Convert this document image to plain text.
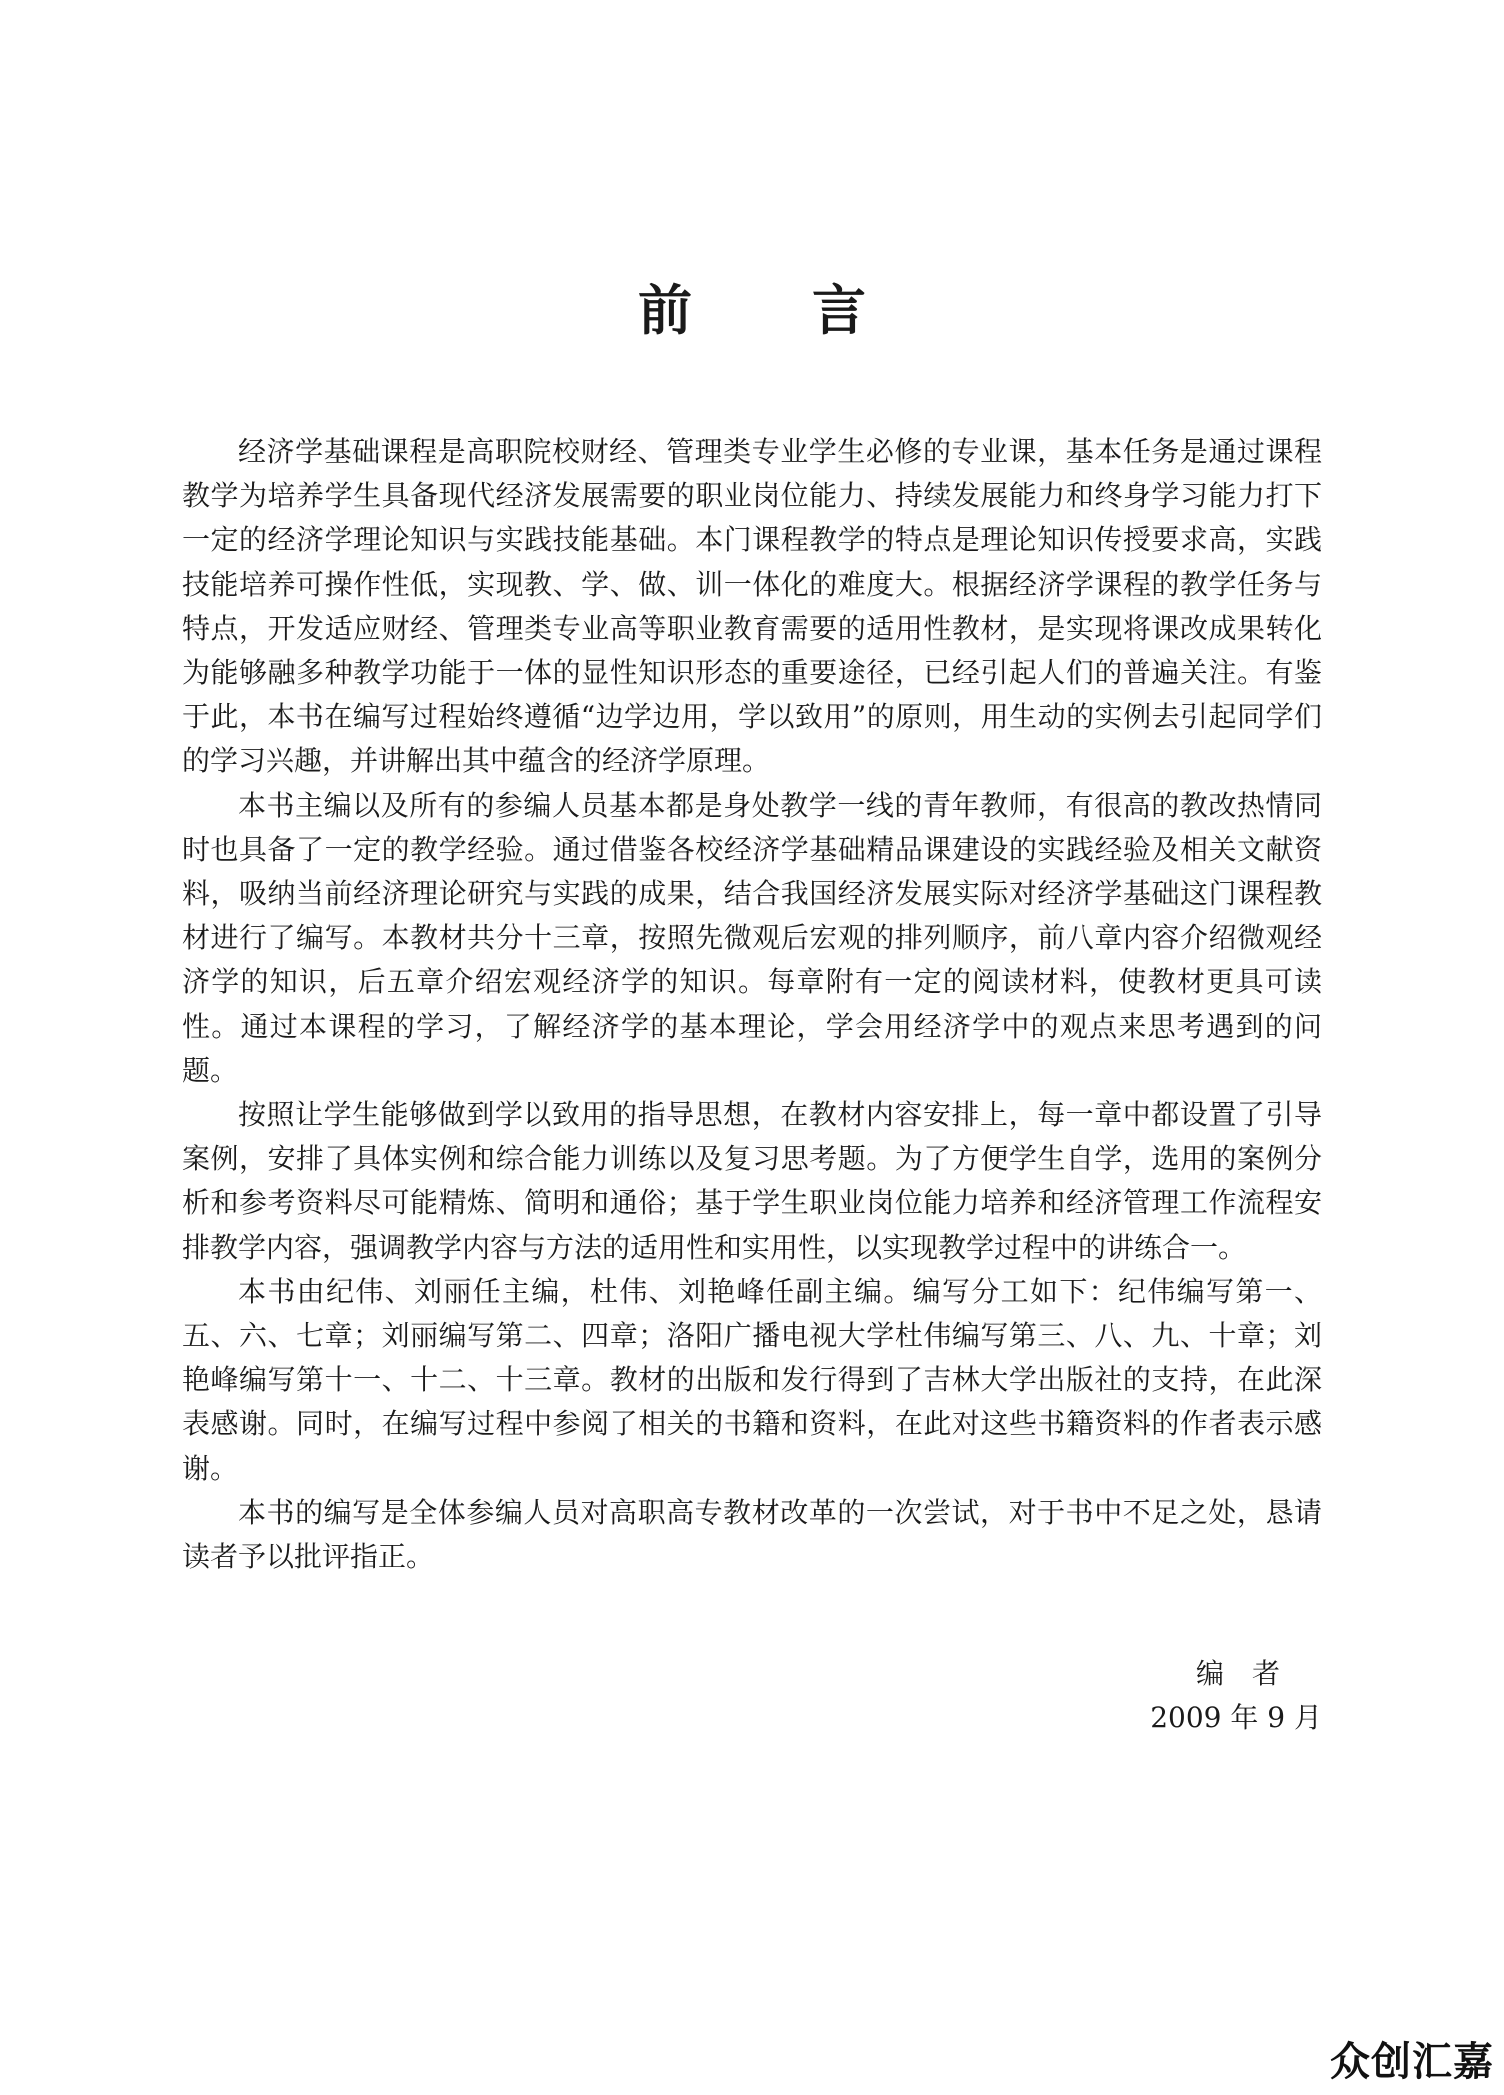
前言

经济学基础课程是高职院校财经、管理类专业学生必修的专业课，基本任务是通过课程教学为培养学生具备现代经济发展需要的职业岗位能力、持续发展能力和终身学习能力打下一定的经济学理论知识与实践技能基础。本门课程教学的特点是理论知识传授要求高，实践技能培养可操作性低，实现教、学、做、训一体化的难度大。根据经济学课程的教学任务与特点，开发适应财经、管理类专业高等职业教育需要的适用性教材，是实现将课改成果转化为能够融多种教学功能于一体的显性知识形态的重要途径，已经引起人们的普遍关注。有鉴于此，本书在编写过程始终遵循“边学边用，学以致用”的原则，用生动的实例去引起同学们的学习兴趣，并讲解出其中蕴含的经济学原理。

本书主编以及所有的参编人员基本都是身处教学一线的青年教师，有很高的教改热情同时也具备了一定的教学经验。通过借鉴各校经济学基础精品课建设的实践经验及相关文献资料，吸纳当前经济理论研究与实践的成果，结合我国经济发展实际对经济学基础这门课程教材进行了编写。本教材共分十三章，按照先微观后宏观的排列顺序，前八章内容介绍微观经济学的知识，后五章介绍宏观经济学的知识。每章附有一定的阅读材料，使教材更具可读性。通过本课程的学习，了解经济学的基本理论，学会用经济学中的观点来思考遇到的问题。

按照让学生能够做到学以致用的指导思想，在教材内容安排上，每一章中都设置了引导案例，安排了具体实例和综合能力训练以及复习思考题。为了方便学生自学，选用的案例分析和参考资料尽可能精炼、简明和通俗；基于学生职业岗位能力培养和经济管理工作流程安排教学内容，强调教学内容与方法的适用性和实用性，以实现教学过程中的讲练合一。

本书由纪伟、刘丽任主编，杜伟、刘艳峰任副主编。编写分工如下：纪伟编写第一、五、六、七章；刘丽编写第二、四章；洛阳广播电视大学杜伟编写第三、八、九、十章；刘艳峰编写第十一、十二、十三章。教材的出版和发行得到了吉林大学出版社的支持，在此深表感谢。同时，在编写过程中参阅了相关的书籍和资料，在此对这些书籍资料的作者表示感谢。

本书的编写是全体参编人员对高职高专教材改革的一次尝试，对于书中不足之处，恳请读者予以批评指正。

编者
2009 年 9 月
众创汇嘉
